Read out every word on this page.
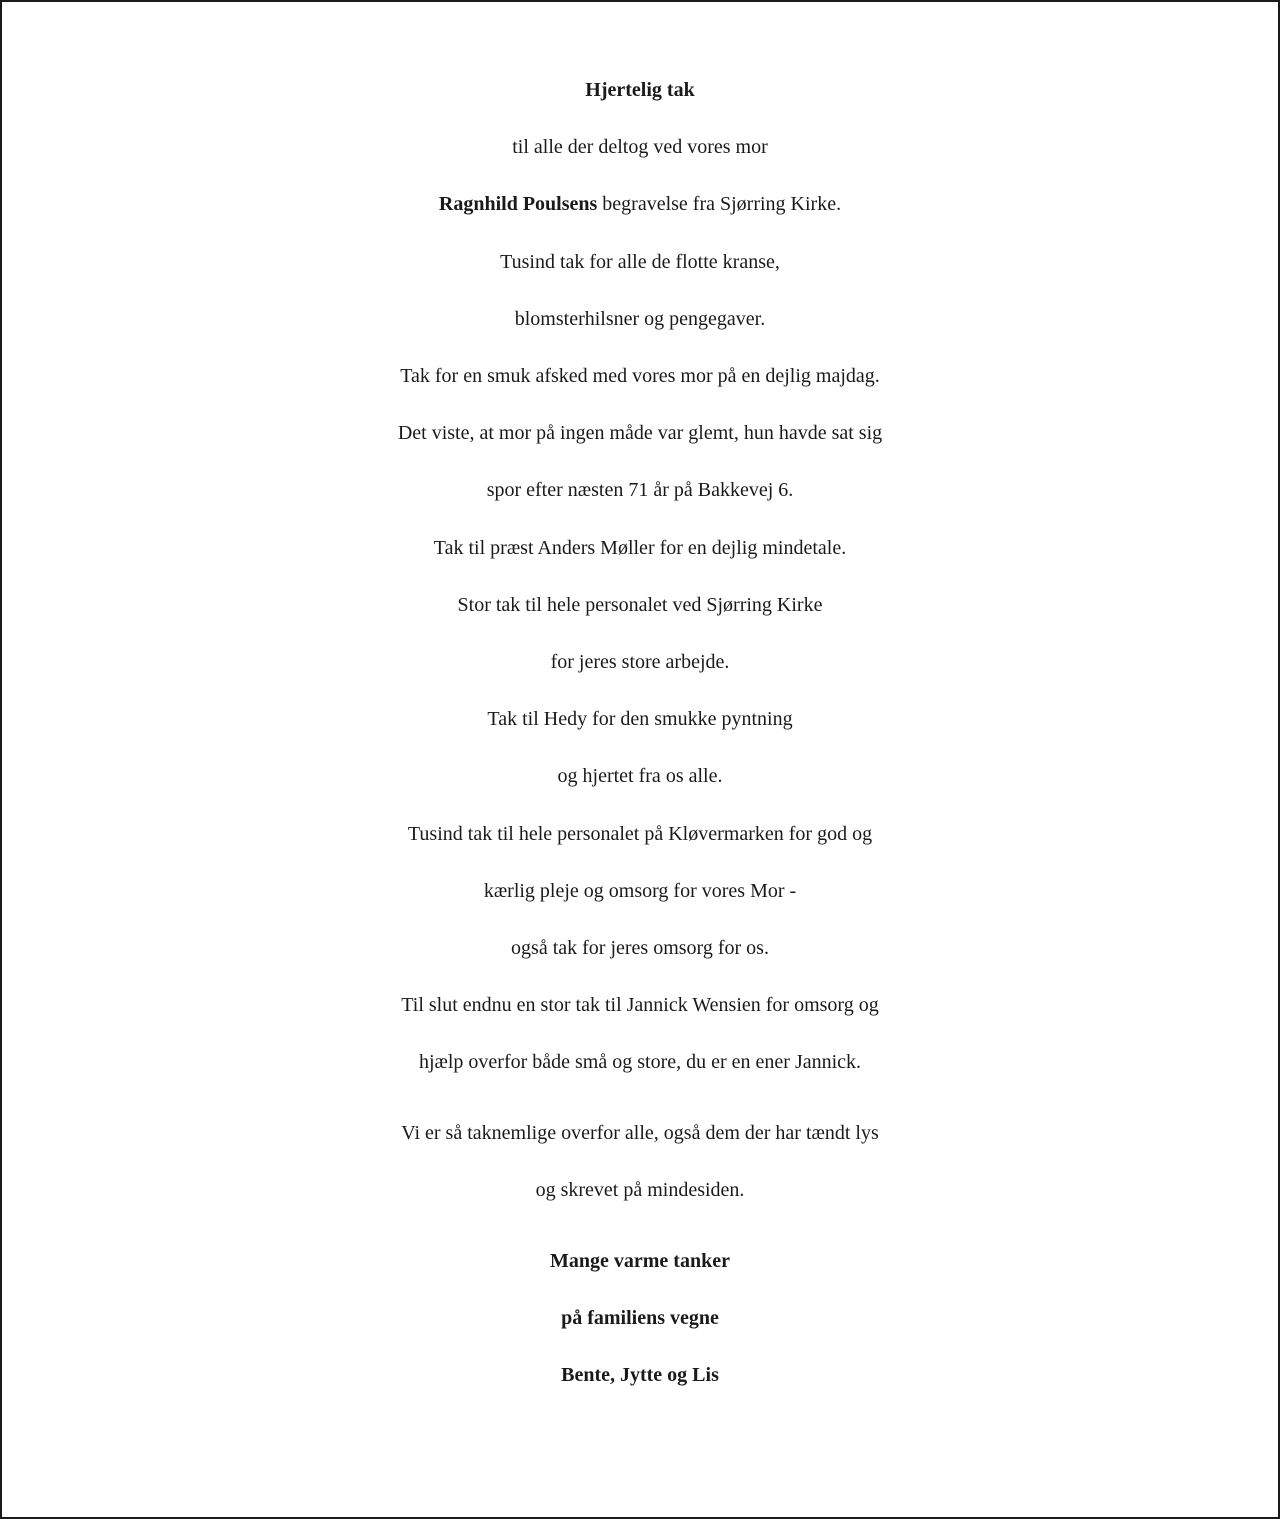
Hjertelig tak
til alle der deltog ved vores mor
Ragnhild Poulsens begravelse fra Sjørring Kirke.
Tusind tak for alle de flotte kranse,
blomsterhilsner og pengegaver.
Tak for en smuk afsked med vores mor på en dejlig majdag.
Det viste, at mor på ingen måde var glemt, hun havde sat sig
spor efter næsten 71 år på Bakkevej 6.
Tak til præst Anders Møller for en dejlig mindetale.
Stor tak til hele personalet ved Sjørring Kirke
for jeres store arbejde.
Tak til Hedy for den smukke pyntning
og hjertet fra os alle.
Tusind tak til hele personalet på Kløvermarken for god og
kærlig pleje og omsorg for vores Mor -
også tak for jeres omsorg for os.
Til slut endnu en stor tak til Jannick Wensien for omsorg og
hjælp overfor både små og store, du er en ener Jannick.
Vi er så taknemlige overfor alle, også dem der har tændt lys
og skrevet på mindesiden.
Mange varme tanker
på familiens vegne
Bente, Jytte og Lis
